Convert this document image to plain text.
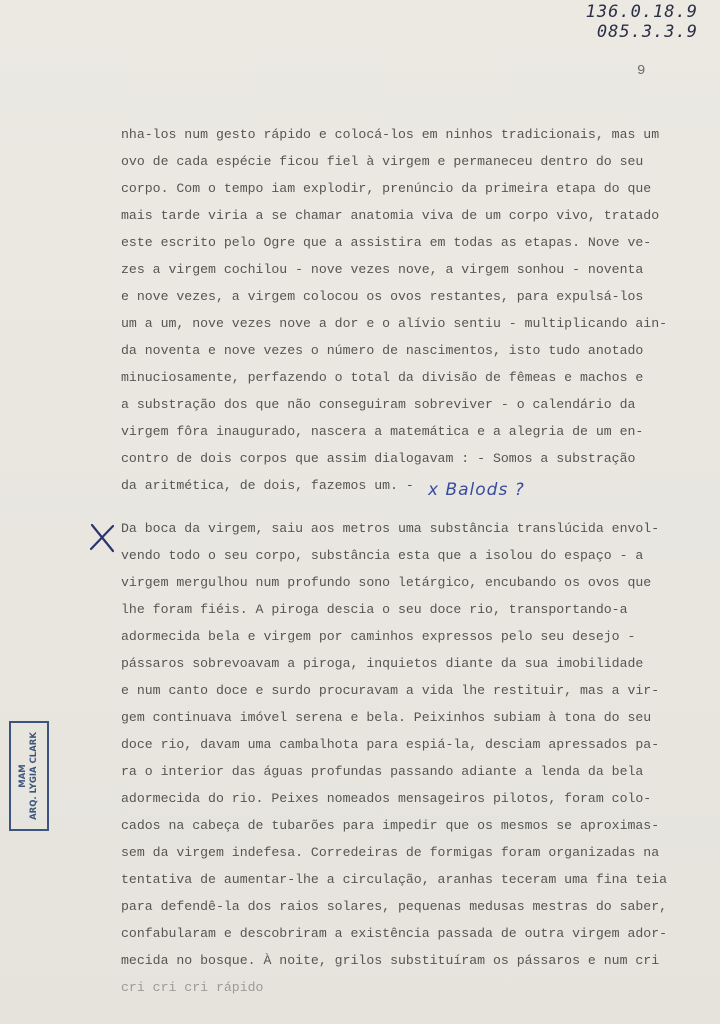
136.0.18.9
085.3.3.9
9
nha-los num gesto rápido e colocá-los em ninhos tradicionais, mas um
ovo de cada espécie ficou fiel à virgem e permaneceu dentro do seu
corpo. Com o tempo iam explodir, prenúncio da primeira etapa do que
mais tarde viria a se chamar anatomia viva de um corpo vivo, tratado
este escrito pelo Ogre que a assistira em todas as etapas. Nove ve-
zes a virgem cochilou - nove vezes nove, a virgem sonhou - noventa
e nove vezes, a virgem colocou os ovos restantes, para expulsá-los
um a um, nove vezes nove a dor e o alívio sentiu - multiplicando ain-
da noventa e nove vezes o número de nascimentos, isto tudo anotado
minuciosamente, perfazendo o total da divisão de fêmeas e machos e
a substração dos que não conseguiram sobreviver - o calendário da
virgem fôra inaugurado, nascera a matemática e a alegria de um en-
contro de dois corpos que assim dialogavam : - Somos a substração
da aritmética, de dois, fazemos um. - x Balods ?
Da boca da virgem, saiu aos metros uma substância translúcida envol-
vendo todo o seu corpo, substância esta que a isolou do espaço - a
virgem mergulhou num profundo sono letárgico, encubando os ovos que
lhe foram fiéis. A piroga descia o seu doce rio, transportando-a
adormecida bela e virgem por caminhos expressos pelo seu desejo -
pássaros sobrevoavam a piroga, inquietos diante da sua imobilidade
e num canto doce e surdo procuravam a vida lhe restituir, mas a vir-
gem continuava imóvel serena e bela. Peixinhos subiam à tona do seu
doce rio, davam uma cambalhota para espiá-la, desciam apressados pa-
ra o interior das águas profundas passando adiante a lenda da bela
adormecida do rio. Peixes nomeados mensageiros pilotos, foram colo-
cados na cabeça de tubarões para impedir que os mesmos se aproximas-
sem da virgem indefesa. Corredeiras de formigas foram organizadas na
tentativa de aumentar-lhe a circulação, aranhas teceram uma fina teia
para defendê-la dos raios solares, pequenas medusas mestras do saber,
confabularam e descobriram a existência passada de outra virgem ador-
mecida no bosque. À noite, grilos substituíram os pássaros e num cri
cri cri cri rápido
MAM ARQ. LYGIA CLARK
